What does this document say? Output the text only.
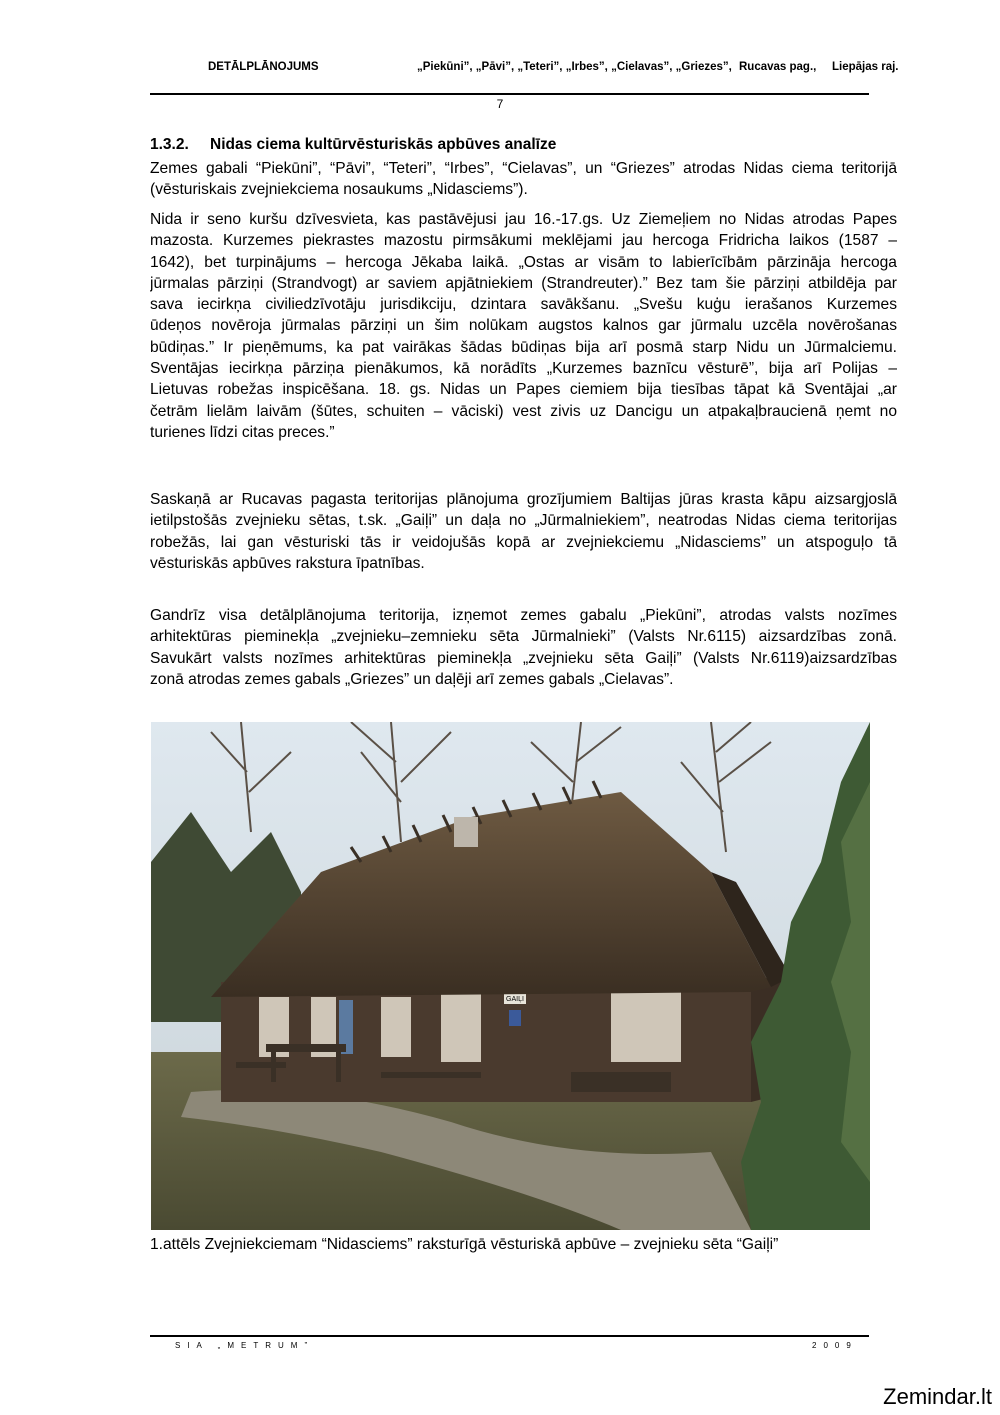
DETĀLPLĀNOJUMS	„Piekūni”, „Pāvi”, „Teteri”, „Irbes”, „Cielavas”, „Griezes”, Rucavas pag., Liepājas raj.
7
1.3.2. Nidas ciema kultūrvēsturiskās apbūves analīze
Zemes gabali “Piekūni”, “Pāvi”, “Teteri”, “Irbes”, “Cielavas”, un “Griezes” atrodas Nidas ciema teritorijā
(vēsturiskais zvejniekciema nosaukums „Nidasciems”).
Nida ir seno kuršu dzīvesvieta, kas pastāvējusi jau 16.-17.gs. Uz Ziemeļiem no Nidas atrodas Papes
mazosta. Kurzemes piekrastes mazostu pirmsākumi meklējami jau hercoga Fridricha laikos (1587 –
1642), bet turpinājums – hercoga Jēkaba laikā. „Ostas ar visām to labierīcībām pārzināja hercoga
jūrmalas pārziņi (Strandvogt) ar saviem apjātniekiem (Strandreuter).” Bez tam šie pārziņi atbildēja par
sava iecirkņa civiliedzīvotāju jurisdikciju, dzintara savākšanu. „Svešu kuģu ierašanos Kurzemes
ūdeņos novēroja jūrmalas pārziņi un šim nolūkam augstos kalnos gar jūrmalu uzcēla novērošanas
būdiņas.” Ir pieņēmums, ka pat vairākas šādas būdiņas bija arī posmā starp Nidu un Jūrmalciemu.
Sventājas iecirkņa pārziņa pienākumos, kā norādīts „Kurzemes baznīcu vēsturē”, bija arī Polijas –
Lietuvas robežas inspicēšana. 18. gs. Nidas un Papes ciemiem bija tiesības tāpat kā Sventājai „ar
četrām lielām laivām (šūtes, schuiten – vāciski) vest zivis uz Dancigu un atpakaļbraucienā ņemt no
turienes līdzi citas preces.”
Saskaņā ar Rucavas pagasta teritorijas plānojuma grozījumiem Baltijas jūras krasta kāpu aizsargjoslā
ietilpstošās zvejnieku sētas, t.sk. „Gaiļi” un daļa no „Jūrmalniekiem”, neatrodas Nidas ciema teritorijas
robežās, lai gan vēsturiski tās ir veidojušās kopā ar zvejniekciemu „Nidasciems” un atspoguļo tā
vēsturiskās apbūves rakstura īpatnības.
Gandrīz visa detālplānojuma teritorija, izņemot zemes gabalu „Piekūni”, atrodas valsts nozīmes
arhitektūras pieminekļa „zvejnieku–zemnieku sēta Jūrmalnieki” (Valsts Nr.6115) aizsardzības zonā.
Savukārt valsts nozīmes arhitektūras pieminekļa „zvejnieku sēta Gaiļi” (Valsts Nr.6119)aizsardzības
zonā atrodas zemes gabals „Griezes” un daļēji arī zemes gabals „Cielavas”.
GAIĻI
1.attēls Zvejniekciemam “Nidasciems” raksturīgā vēsturiskā apbūve – zvejnieku sēta “Gaiļi”
SIA „METRUM”	2009
Zemindar.lt
